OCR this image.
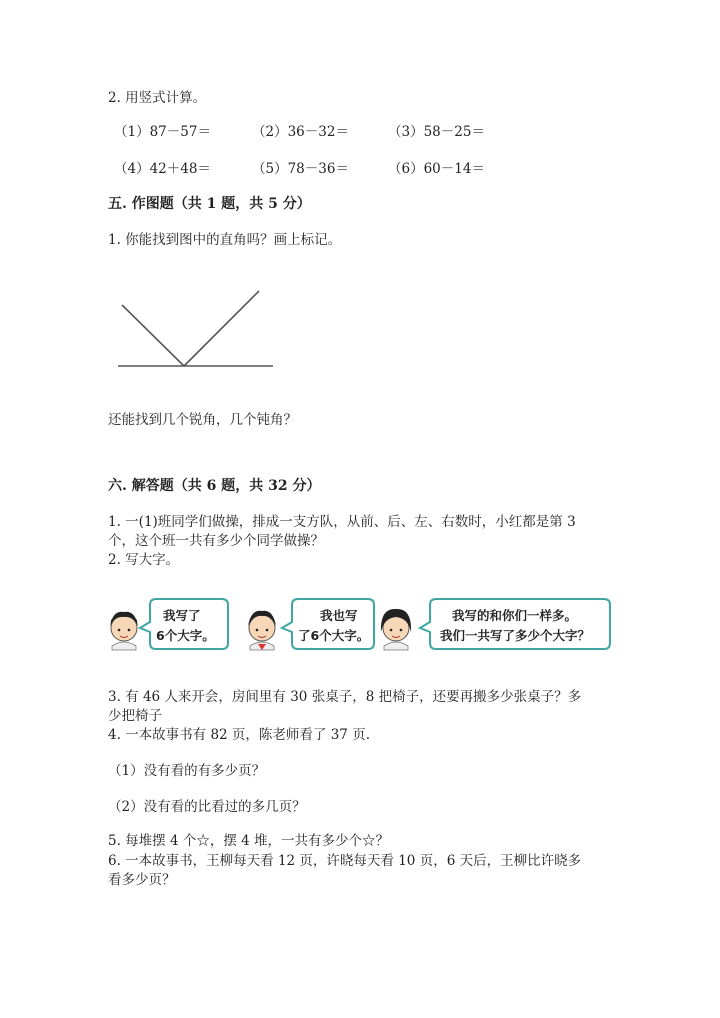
2. 用竖式计算。
（1）87－57＝	（2）36－32＝	（3）58－25＝
（4）42＋48＝	（5）78－36＝	（6）60－14＝
五. 作图题（共 1 题，共 5 分）
1. 你能找到图中的直角吗？画上标记。
还能找到几个锐角，几个钝角？
六. 解答题（共 6 题，共 32 分）
1. 一(1)班同学们做操，排成一支方队，从前、后、左、右数时，小红都是第 3
个，这个班一共有多少个同学做操？
2. 写大字。
我写了
6个大字。
我也写
了6个大字。
我写的和你们一样多。
我们一共写了多少个大字？
3. 有 46 人来开会，房间里有 30 张桌子，8 把椅子，还要再搬多少张桌子？多
少把椅子
4. 一本故事书有 82 页，陈老师看了 37 页.
（1）没有看的有多少页？
（2）没有看的比看过的多几页？
5. 每堆摆 4 个☆，摆 4 堆，一共有多少个☆？
6. 一本故事书，王柳每天看 12 页，许晓每天看 10 页，6 天后，王柳比许晓多
看多少页？
